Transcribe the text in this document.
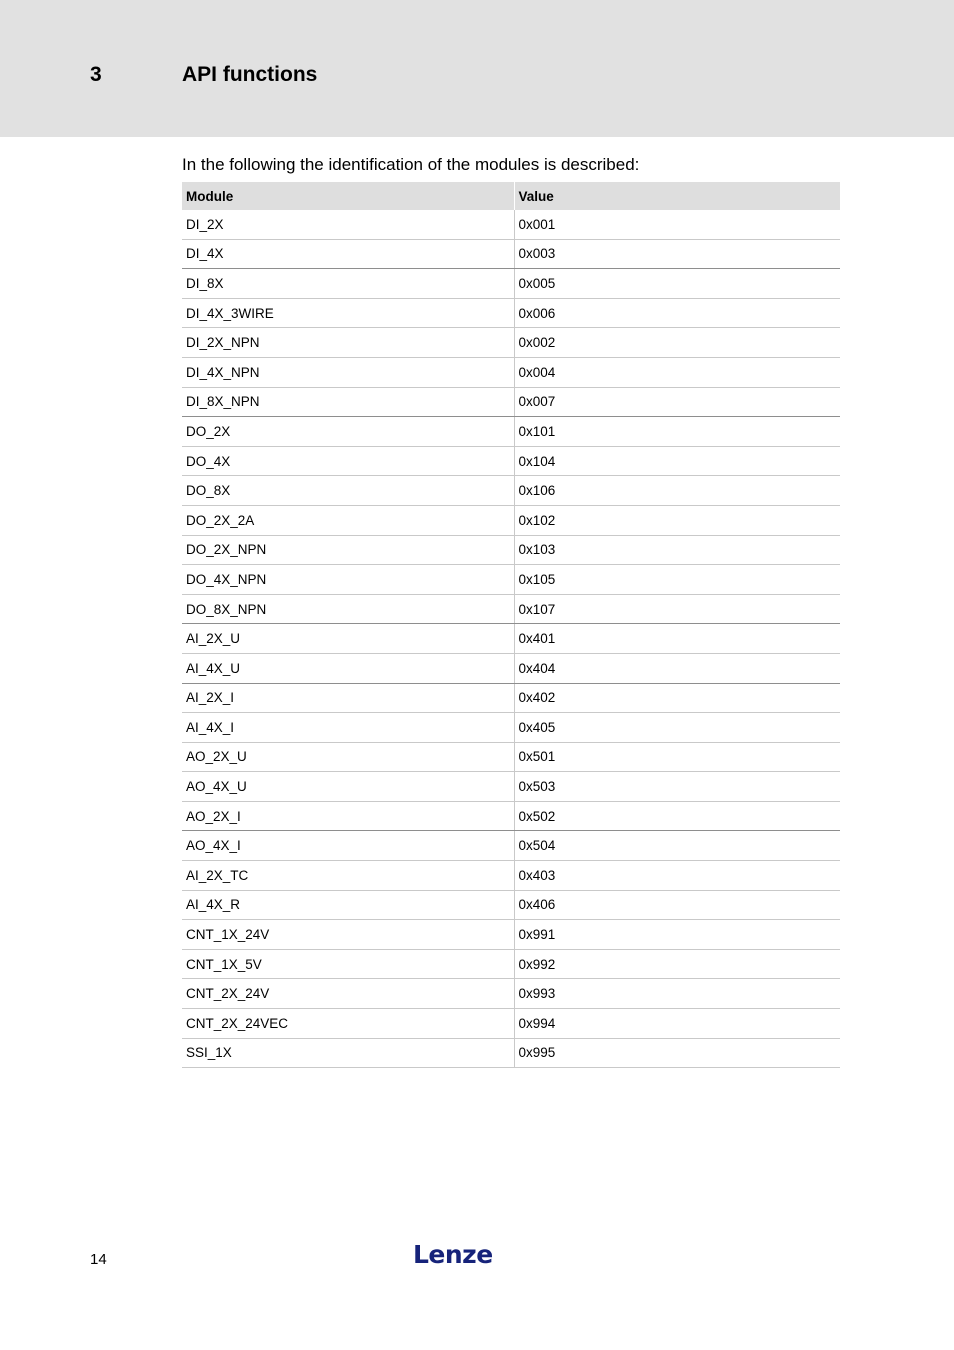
3	API functions
In the following the identification of the modules is described:
Module	Value
DI_2X	0x001
DI_4X	0x003
DI_8X	0x005
DI_4X_3WIRE	0x006
DI_2X_NPN	0x002
DI_4X_NPN	0x004
DI_8X_NPN	0x007
DO_2X	0x101
DO_4X	0x104
DO_8X	0x106
DO_2X_2A	0x102
DO_2X_NPN	0x103
DO_4X_NPN	0x105
DO_8X_NPN	0x107
AI_2X_U	0x401
AI_4X_U	0x404
AI_2X_I	0x402
AI_4X_I	0x405
AO_2X_U	0x501
AO_4X_U	0x503
AO_2X_I	0x502
AO_4X_I	0x504
AI_2X_TC	0x403
AI_4X_R	0x406
CNT_1X_24V	0x991
CNT_1X_5V	0x992
CNT_2X_24V	0x993
CNT_2X_24VEC	0x994
SSI_1X	0x995
14	Lenze
